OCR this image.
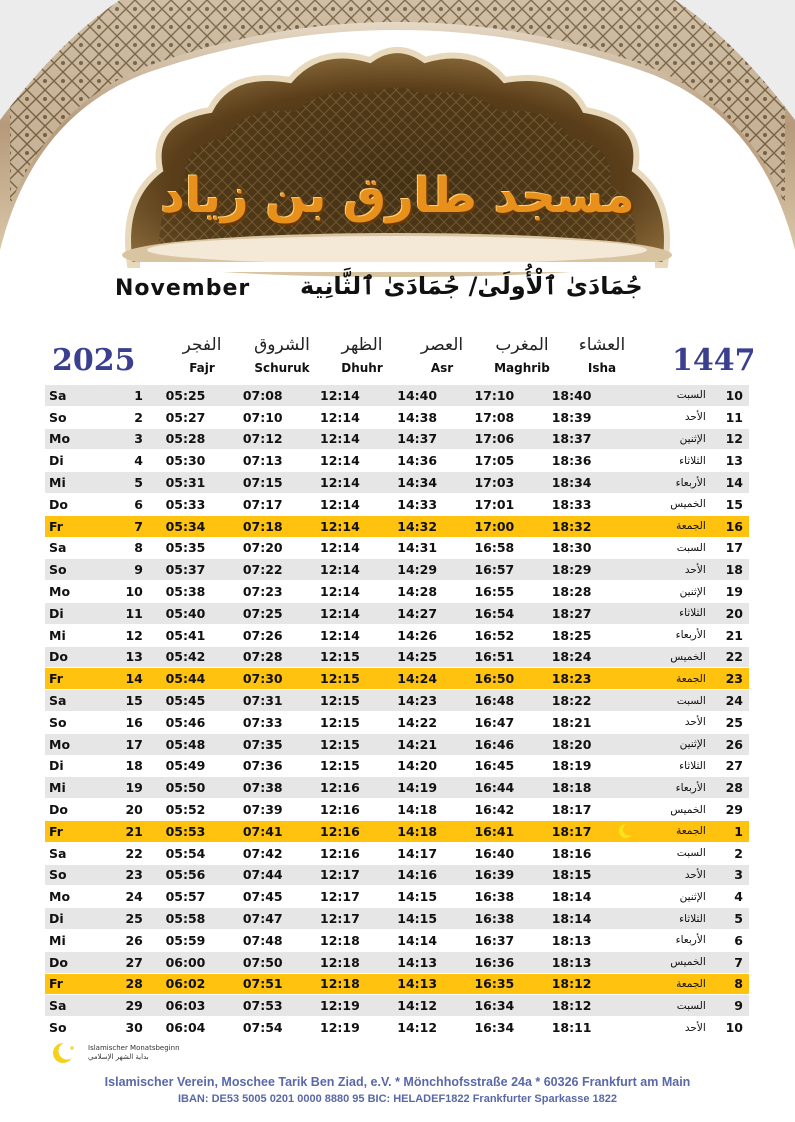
مسجد طارق بن زياد
November جُمَادَىٰ ٱلْأُولَىٰ/ جُمَادَىٰ ٱلثَّانِية
2025	1447
الفجر
Fajr
الشروق
Schuruk
الظهر
Dhuhr
العصر
Asr
المغرب
Maghrib
العشاء
Isha
Sa	1	05:25	07:08	12:14	14:40	17:10	18:40	السبت	10
So	2	05:27	07:10	12:14	14:38	17:08	18:39	الأحد	11
Mo	3	05:28	07:12	12:14	14:37	17:06	18:37	الإثنين	12
Di	4	05:30	07:13	12:14	14:36	17:05	18:36	الثلاثاء	13
Mi	5	05:31	07:15	12:14	14:34	17:03	18:34	الأربعاء	14
Do	6	05:33	07:17	12:14	14:33	17:01	18:33	الخميس	15
Fr	7	05:34	07:18	12:14	14:32	17:00	18:32	الجمعة	16
Sa	8	05:35	07:20	12:14	14:31	16:58	18:30	السبت	17
So	9	05:37	07:22	12:14	14:29	16:57	18:29	الأحد	18
Mo	10	05:38	07:23	12:14	14:28	16:55	18:28	الإثنين	19
Di	11	05:40	07:25	12:14	14:27	16:54	18:27	الثلاثاء	20
Mi	12	05:41	07:26	12:14	14:26	16:52	18:25	الأربعاء	21
Do	13	05:42	07:28	12:15	14:25	16:51	18:24	الخميس	22
Fr	14	05:44	07:30	12:15	14:24	16:50	18:23	الجمعة	23
Sa	15	05:45	07:31	12:15	14:23	16:48	18:22	السبت	24
So	16	05:46	07:33	12:15	14:22	16:47	18:21	الأحد	25
Mo	17	05:48	07:35	12:15	14:21	16:46	18:20	الإثنين	26
Di	18	05:49	07:36	12:15	14:20	16:45	18:19	الثلاثاء	27
Mi	19	05:50	07:38	12:16	14:19	16:44	18:18	الأربعاء	28
Do	20	05:52	07:39	12:16	14:18	16:42	18:17	الخميس	29
Fr	21	05:53	07:41	12:16	14:18	16:41	18:17	الجمعة	1
Sa	22	05:54	07:42	12:16	14:17	16:40	18:16	السبت	2
So	23	05:56	07:44	12:17	14:16	16:39	18:15	الأحد	3
Mo	24	05:57	07:45	12:17	14:15	16:38	18:14	الإثنين	4
Di	25	05:58	07:47	12:17	14:15	16:38	18:14	الثلاثاء	5
Mi	26	05:59	07:48	12:18	14:14	16:37	18:13	الأربعاء	6
Do	27	06:00	07:50	12:18	14:13	16:36	18:13	الخميس	7
Fr	28	06:02	07:51	12:18	14:13	16:35	18:12	الجمعة	8
Sa	29	06:03	07:53	12:19	14:12	16:34	18:12	السبت	9
So	30	06:04	07:54	12:19	14:12	16:34	18:11	الأحد	10
Islamischer Monatsbeginn
بداية الشهر الإسلامي
Islamischer Verein, Moschee Tarik Ben Ziad, e.V. * Mönchhofsstraße 24a * 60326 Frankfurt am Main
IBAN: DE53 5005 0201 0000 8880 95 BIC: HELADEF1822 Frankfurter Sparkasse 1822
